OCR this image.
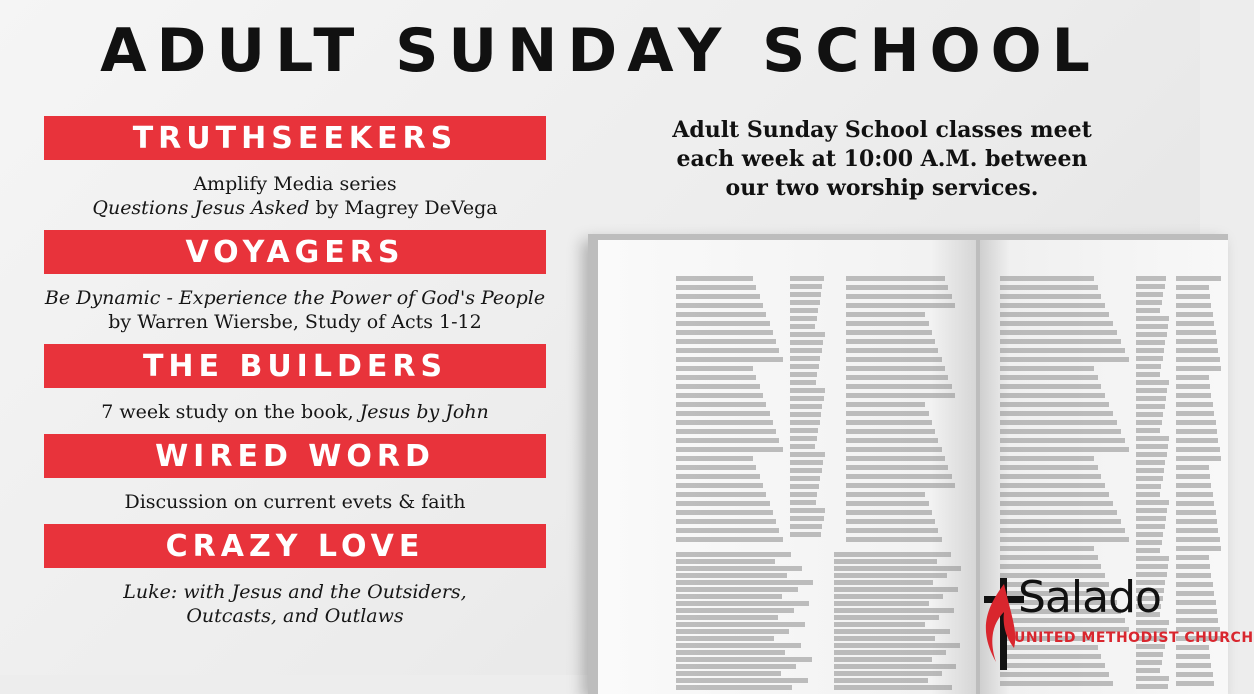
ADULT SUNDAY SCHOOL
TRUTHSEEKERS
Amplify Media series
Questions Jesus Asked by Magrey DeVega
VOYAGERS
Be Dynamic - Experience the Power of God's People
by Warren Wiersbe, Study of Acts 1-12
THE BUILDERS
7 week study on the book, Jesus by John
WIRED WORD
Discussion on current evets & faith
CRAZY LOVE
Luke: with Jesus and the Outsiders,
Outcasts, and Outlaws
Adult Sunday School classes meet
each week at 10:00 A.M. between
our two worship services.
Salado
UNITED METHODIST CHURCH
